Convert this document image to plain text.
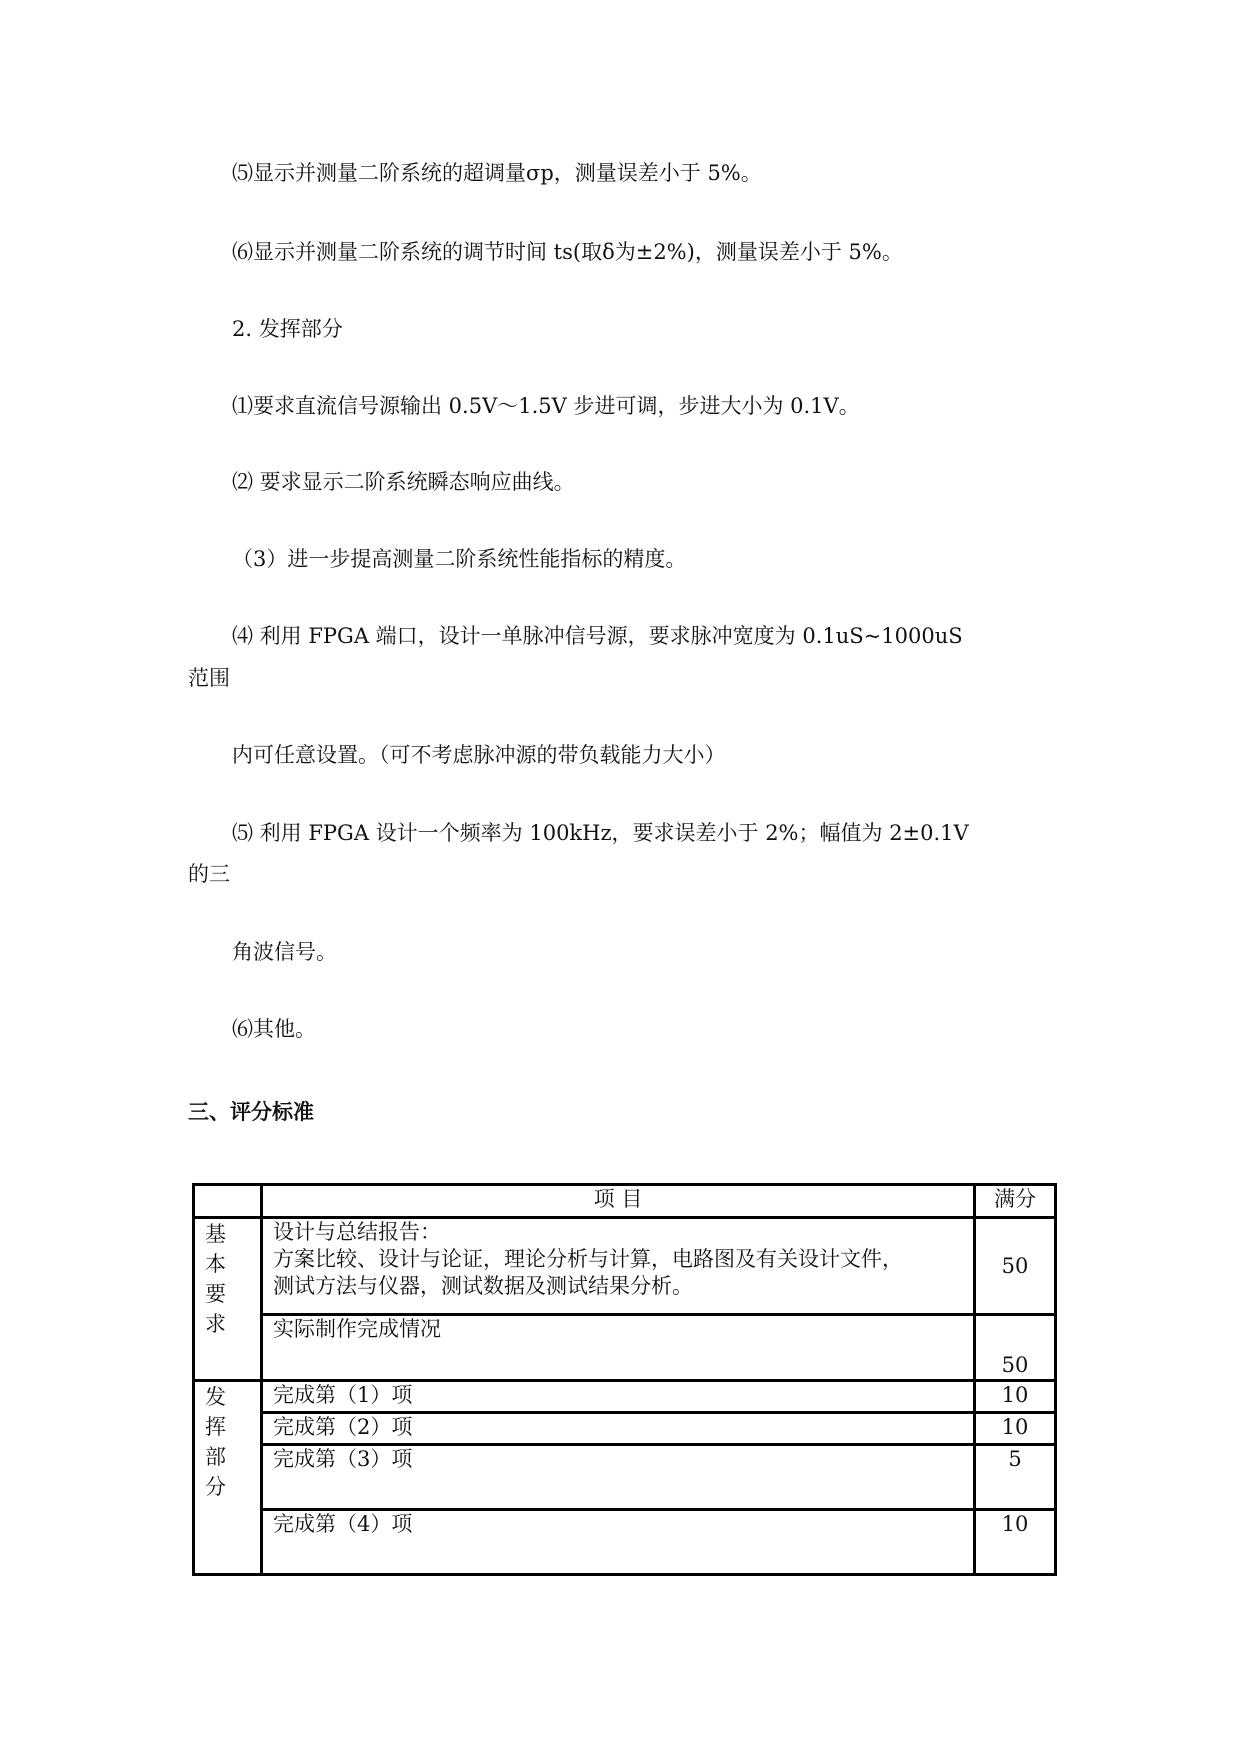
⑸显示并测量二阶系统的超调量σp，测量误差小于 5%。
⑹显示并测量二阶系统的调节时间 ts(取δ为±2%)，测量误差小于 5%。
2. 发挥部分
⑴要求直流信号源输出 0.5V～1.5V 步进可调，步进大小为 0.1V。
⑵ 要求显示二阶系统瞬态响应曲线。
（3）进一步提高测量二阶系统性能指标的精度。
⑷ 利用 FPGA 端口，设计一单脉冲信号源，要求脉冲宽度为 0.1uS~1000uS
范围
内可任意设置。（可不考虑脉冲源的带负载能力大小）
⑸ 利用 FPGA 设计一个频率为 100kHz，要求误差小于 2%；幅值为 2±0.1V
的三
角波信号。
⑹其他。
三、评分标准
	项 目	满分

基本要求	设计与总结报告：
方案比较、设计与论证，理论分析与计算，电路图及有关设计文件，测试方法与仪器，测试数据及测试结果分析。	50
	实际制作完成情况	50

发挥部分	完成第（1）项	10
	完成第（2）项	10
	完成第（3）项	5
	完成第（4）项	10
